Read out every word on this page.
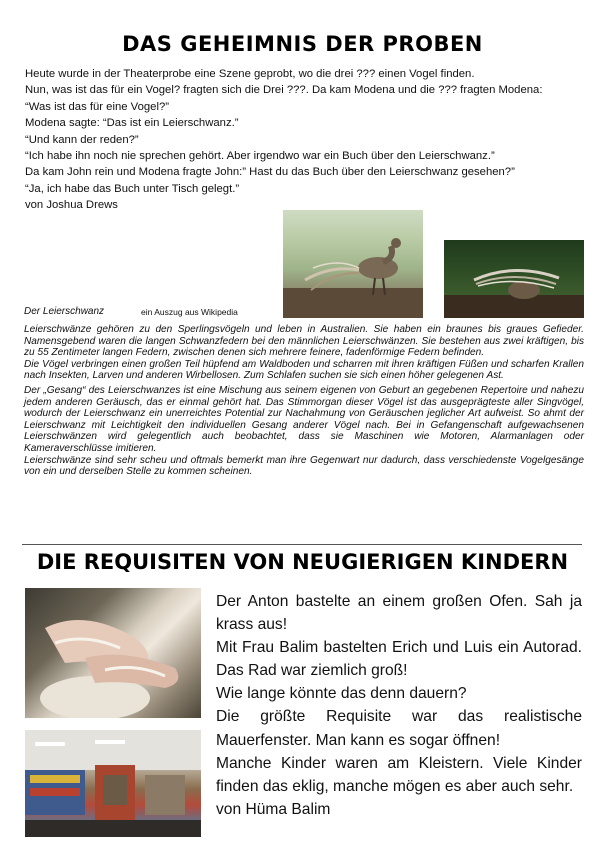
DAS GEHEIMNIS DER PROBEN

Heute wurde in der Theaterprobe eine Szene geprobt, wo die drei ??? einen Vogel finden.

Nun, was ist das für ein Vogel? fragten sich die Drei ???. Da kam Modena und die ??? fragten Modena:

“Was ist das für eine Vogel?”

Modena sagte: “Das ist ein Leierschwanz.”

“Und kann der reden?”

“Ich habe ihn noch nie sprechen gehört. Aber irgendwo war ein Buch über den Leierschwanz.”

Da kam John rein und Modena fragte John:” Hast du das Buch über den Leierschwanz gesehen?”

“Ja, ich habe das Buch unter Tisch gelegt.”

von Joshua Drews

Der Leierschwanz	ein Auszug aus Wikipedia

Leierschwänze gehören zu den Sperlingsvögeln und leben in Australien. Sie haben ein braunes bis graues Gefieder. Namensgebend waren die langen Schwanzfedern bei den männlichen Leierschwänzen. Sie bestehen aus zwei kräftigen, bis zu 55 Zentimeter langen Federn, zwischen denen sich mehrere feinere, fadenförmige Federn befinden.

Die Vögel verbringen einen großen Teil hüpfend am Waldboden und scharren mit ihren kräftigen Füßen und scharfen Krallen nach Insekten, Larven und anderen Wirbellosen. Zum Schlafen suchen sie sich einen höher gelegenen Ast.

Der „Gesang“ des Leierschwanzes ist eine Mischung aus seinem eigenen von Geburt an gegebenen Repertoire und nahezu jedem anderen Geräusch, das er einmal gehört hat. Das Stimmorgan dieser Vögel ist das ausgeprägteste aller Singvögel, wodurch der Leierschwanz ein unerreichtes Potential zur Nachahmung von Geräuschen jeglicher Art aufweist. So ahmt der Leierschwanz mit Leichtigkeit den individuellen Gesang anderer Vögel nach. Bei in Gefangenschaft aufgewachsenen Leierschwänzen wird gelegentlich auch beobachtet, dass sie Maschinen wie Motoren, Alarmanlagen oder Kameraverschlüsse imitieren.

Leierschwänze sind sehr scheu und oftmals bemerkt man ihre Gegenwart nur dadurch, dass verschiedenste Vogelgesänge von ein und derselben Stelle zu kommen scheinen.

DIE REQUISITEN VON NEUGIERIGEN KINDERN

Der Anton bastelte an einem großen Ofen. Sah ja krass aus!

Mit Frau Balim bastelten Erich und Luis ein Autorad. Das Rad war ziemlich groß!

Wie lange könnte das denn dauern?

Die größte Requisite war das realistische Mauerfenster. Man kann es sogar öffnen!

Manche Kinder waren am Kleistern. Viele Kinder finden das eklig, manche mögen es aber auch sehr.

von Hüma Balim
